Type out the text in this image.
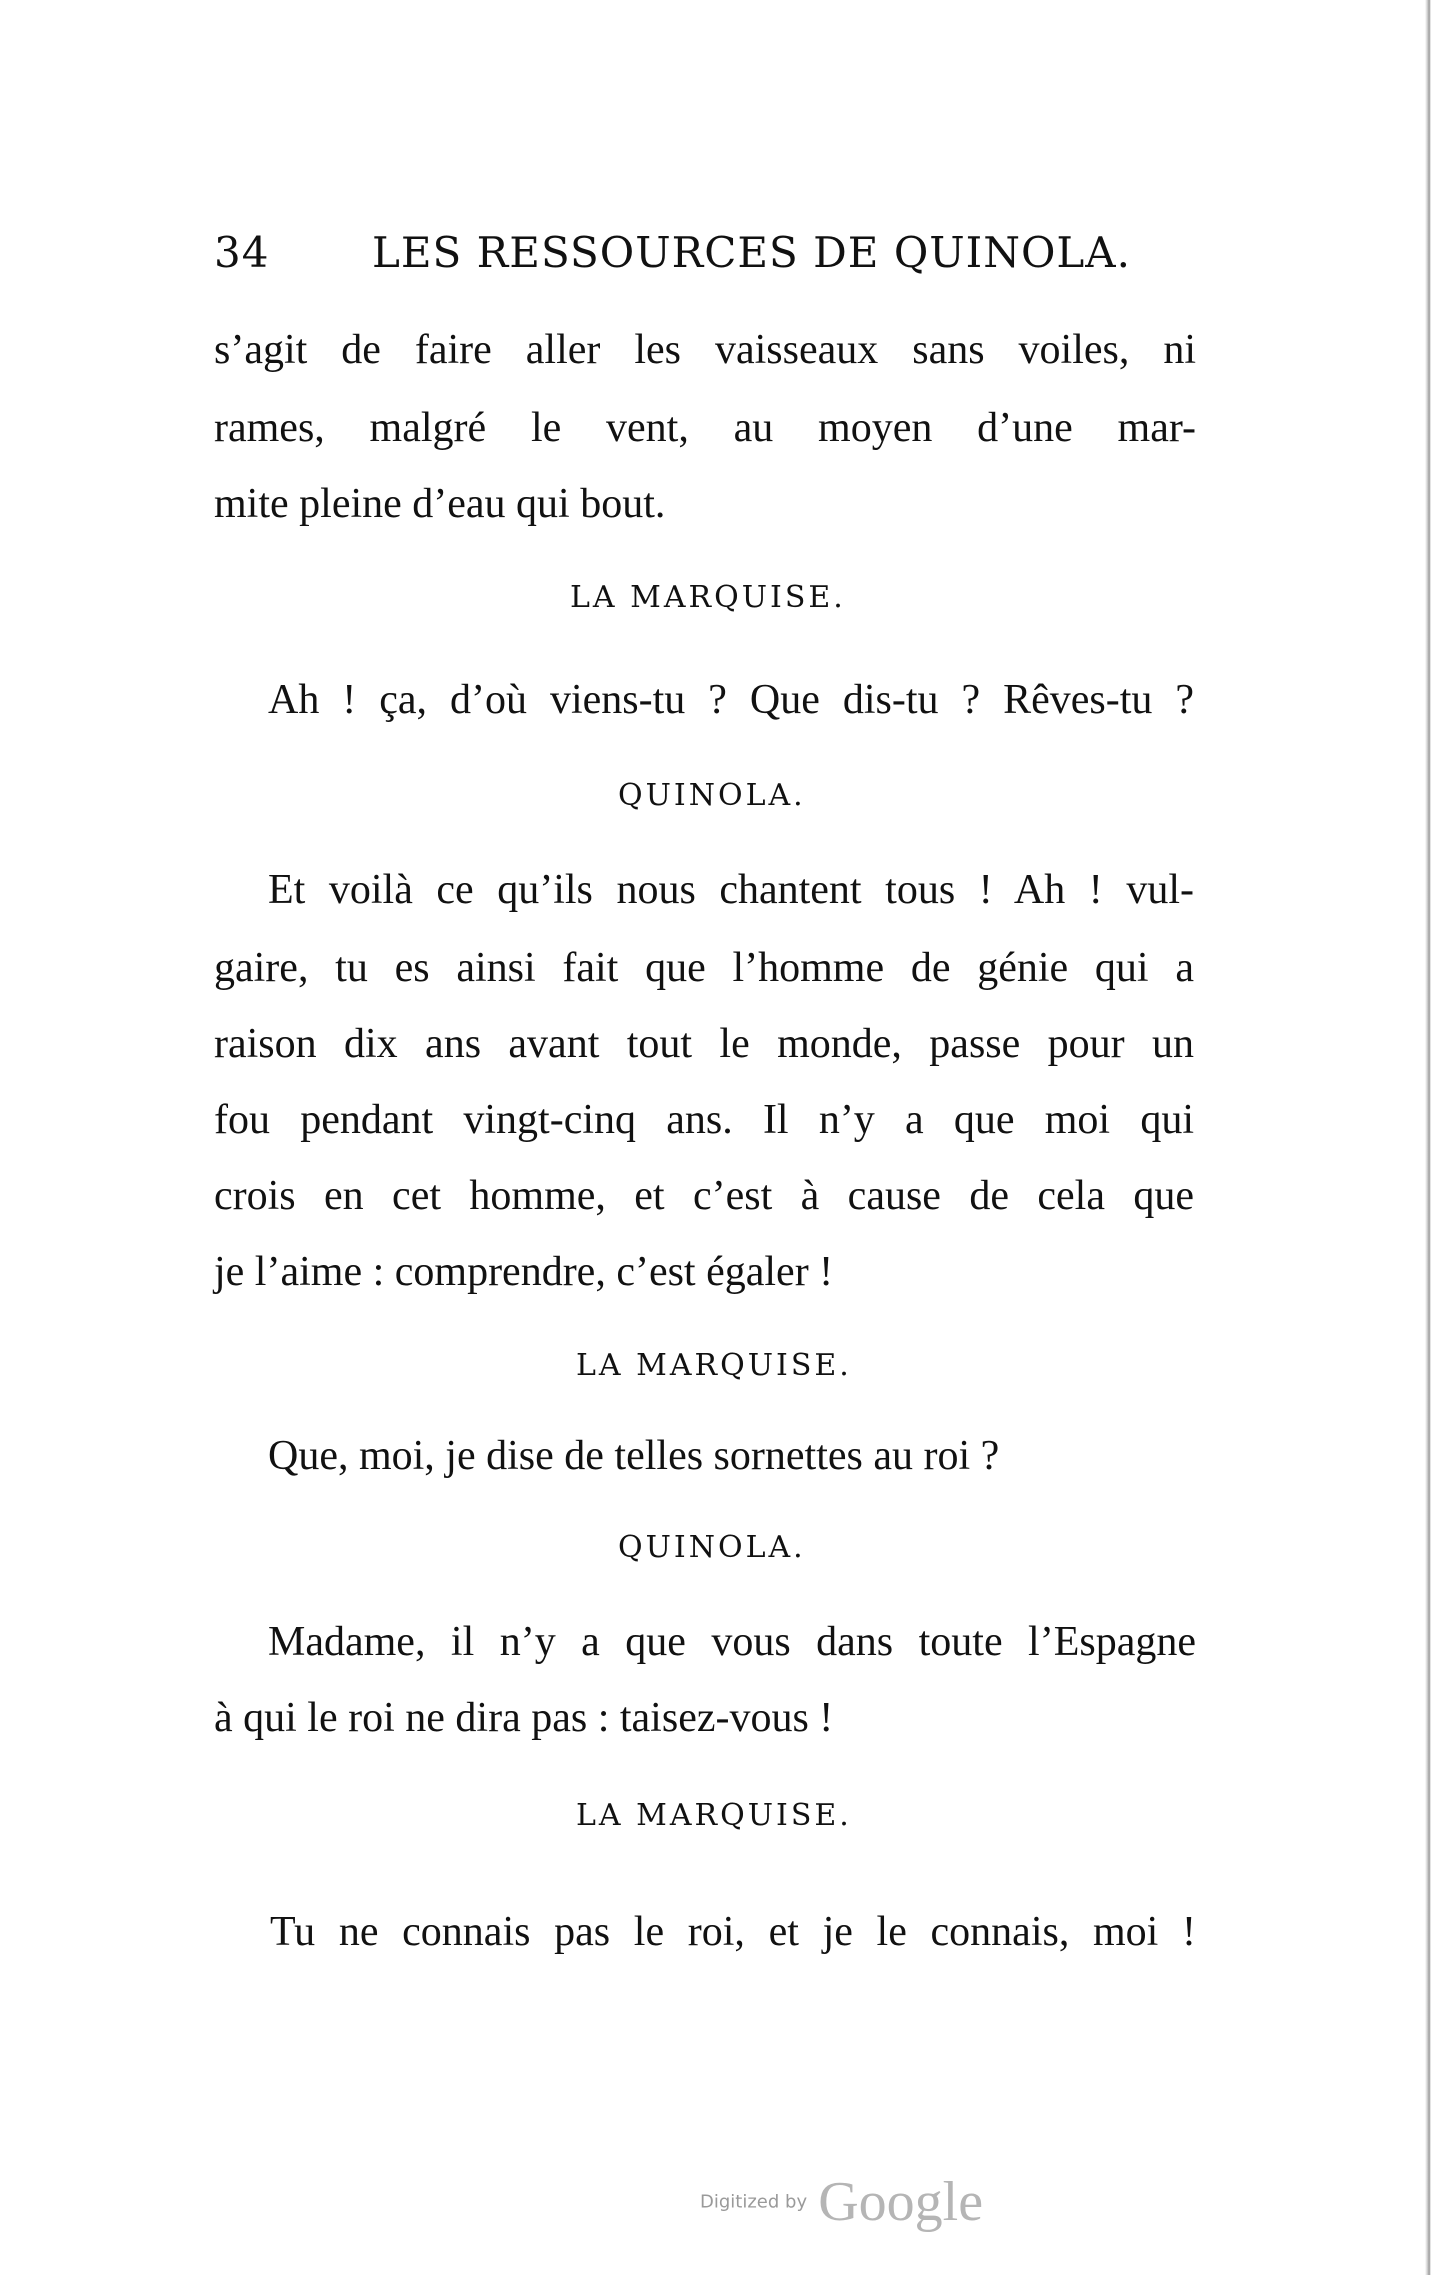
34 LES RESSOURCES DE QUINOLA.
s’agit de faire aller les vaisseaux sans voiles, ni
rames, malgré le vent, au moyen d’une mar-
mite pleine d’eau qui bout.
LA MARQUISE.
Ah ! ça, d’où viens-tu ? Que dis-tu ? Rêves-tu ?
QUINOLA.
Et voilà ce qu’ils nous chantent tous ! Ah ! vul-
gaire, tu es ainsi fait que l’homme de génie qui a
raison dix ans avant tout le monde, passe pour un
fou pendant vingt-cinq ans. Il n’y a que moi qui
crois en cet homme, et c’est à cause de cela que
je l’aime : comprendre, c’est égaler !
LA MARQUISE.
Que, moi, je dise de telles sornettes au roi ?
QUINOLA.
Madame, il n’y a que vous dans toute l’Espagne
à qui le roi ne dira pas : taisez-vous !
LA MARQUISE.
Tu ne connais pas le roi, et je le connais, moi !
Digitized by Google
